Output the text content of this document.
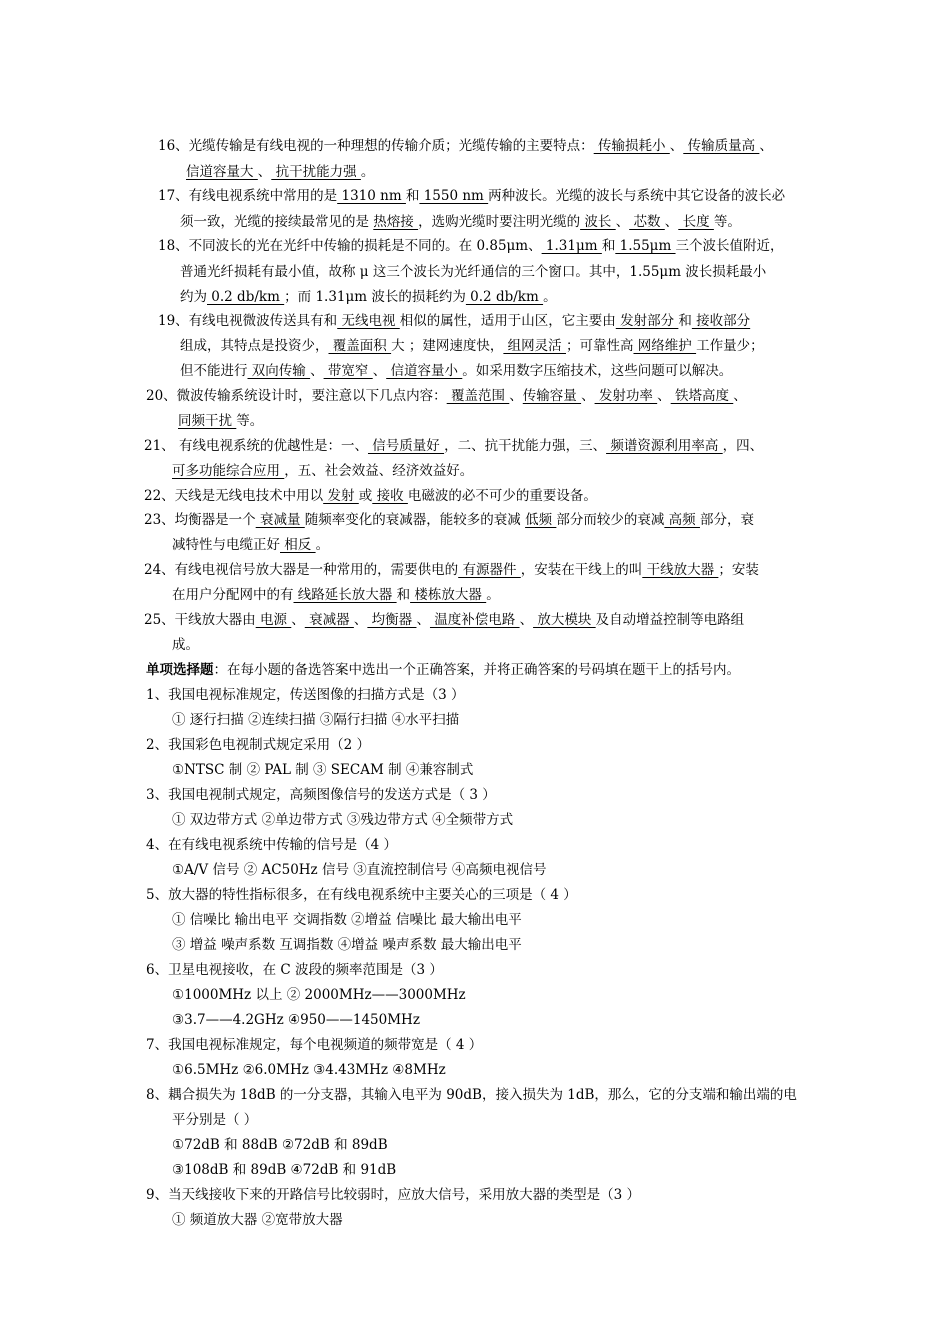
16、光缆传输是有线电视的一种理想的传输介质；光缆传输的主要特点： 传输损耗小 、 传输质量高 、
信道容量大 、 抗干扰能力强 。
17、有线电视系统中常用的是 1310 nm 和 1550 nm 两种波长。光缆的波长与系统中其它设备的波长必
须一致，光缆的接续最常见的是 热熔接 ，选购光缆时要注明光缆的 波长 、 芯数 、 长度 等。
18、不同波长的光在光纤中传输的损耗是不同的。在 0.85μm、 1.31μm 和 1.55μm 三个波长值附近，
普通光纤损耗有最小值，故称 μ 这三个波长为光纤通信的三个窗口。其中，1.55μm 波长损耗最小
约为 0.2 db/km ；而 1.31μm 波长的损耗约为 0.2 db/km 。
19、有线电视微波传送具有和 无线电视 相似的属性，适用于山区，它主要由 发射部分 和 接收部分
组成，其特点是投资少， 覆盖面积 大 ；建网速度快， 组网灵活 ；可靠性高 网络维护 工作量少；
但不能进行 双向传输 、 带宽窄 、 信道容量小 。如采用数字压缩技术，这些问题可以解决。
20、微波传输系统设计时，要注意以下几点内容： 覆盖范围 、传输容量 、 发射功率 、 铁塔高度 、
同频干扰 等。
21、 有线电视系统的优越性是：一、 信号质量好 ，二、抗干扰能力强，三、 频谱资源利用率高 ，四、
可多功能综合应用 ，五、社会效益、经济效益好。
22、天线是无线电技术中用以 发射 或 接收 电磁波的必不可少的重要设备。
23、均衡器是一个 衰减量 随频率变化的衰减器，能较多的衰减 低频 部分而较少的衰减 高频 部分，衰
减特性与电缆正好 相反 。
24、有线电视信号放大器是一种常用的，需要供电的 有源器件 ，安装在干线上的叫 干线放大器 ；安装
在用户分配网中的有 线路延长放大器 和 楼栋放大器 。
25、干线放大器由 电源 、 衰减器 、 均衡器 、 温度补偿电路 、 放大模块 及自动增益控制等电路组
成。
单项选择题：在每小题的备选答案中选出一个正确答案，并将正确答案的号码填在题干上的括号内。
1、我国电视标准规定，传送图像的扫描方式是（3 ）
① 逐行扫描 ②连续扫描 ③隔行扫描 ④水平扫描
2、我国彩色电视制式规定采用（2 ）
①NTSC 制 ② PAL 制 ③ SECAM 制 ④兼容制式
3、我国电视制式规定，高频图像信号的发送方式是（ 3 ）
① 双边带方式 ②单边带方式 ③残边带方式 ④全频带方式
4、在有线电视系统中传输的信号是（4 ）
①A/V 信号 ② AC50Hz 信号 ③直流控制信号 ④高频电视信号
5、放大器的特性指标很多，在有线电视系统中主要关心的三项是（ 4 ）
① 信噪比 输出电平 交调指数 ②增益 信噪比 最大输出电平
③ 增益 噪声系数 互调指数 ④增益 噪声系数 最大输出电平
6、卫星电视接收，在 C 波段的频率范围是（3 ）
①1000MHz 以上 ② 2000MHz——3000MHz
③3.7——4.2GHz ④950——1450MHz
7、我国电视标准规定，每个电视频道的频带宽是（ 4 ）
①6.5MHz ②6.0MHz ③4.43MHz ④8MHz
8、耦合损失为 18dB 的一分支器，其输入电平为 90dB，接入损失为 1dB，那么，它的分支端和输出端的电
平分别是（ ）
①72dB 和 88dB ②72dB 和 89dB
③108dB 和 89dB ④72dB 和 91dB
9、当天线接收下来的开路信号比较弱时，应放大信号，采用放大器的类型是（3 ）
① 频道放大器 ②宽带放大器
